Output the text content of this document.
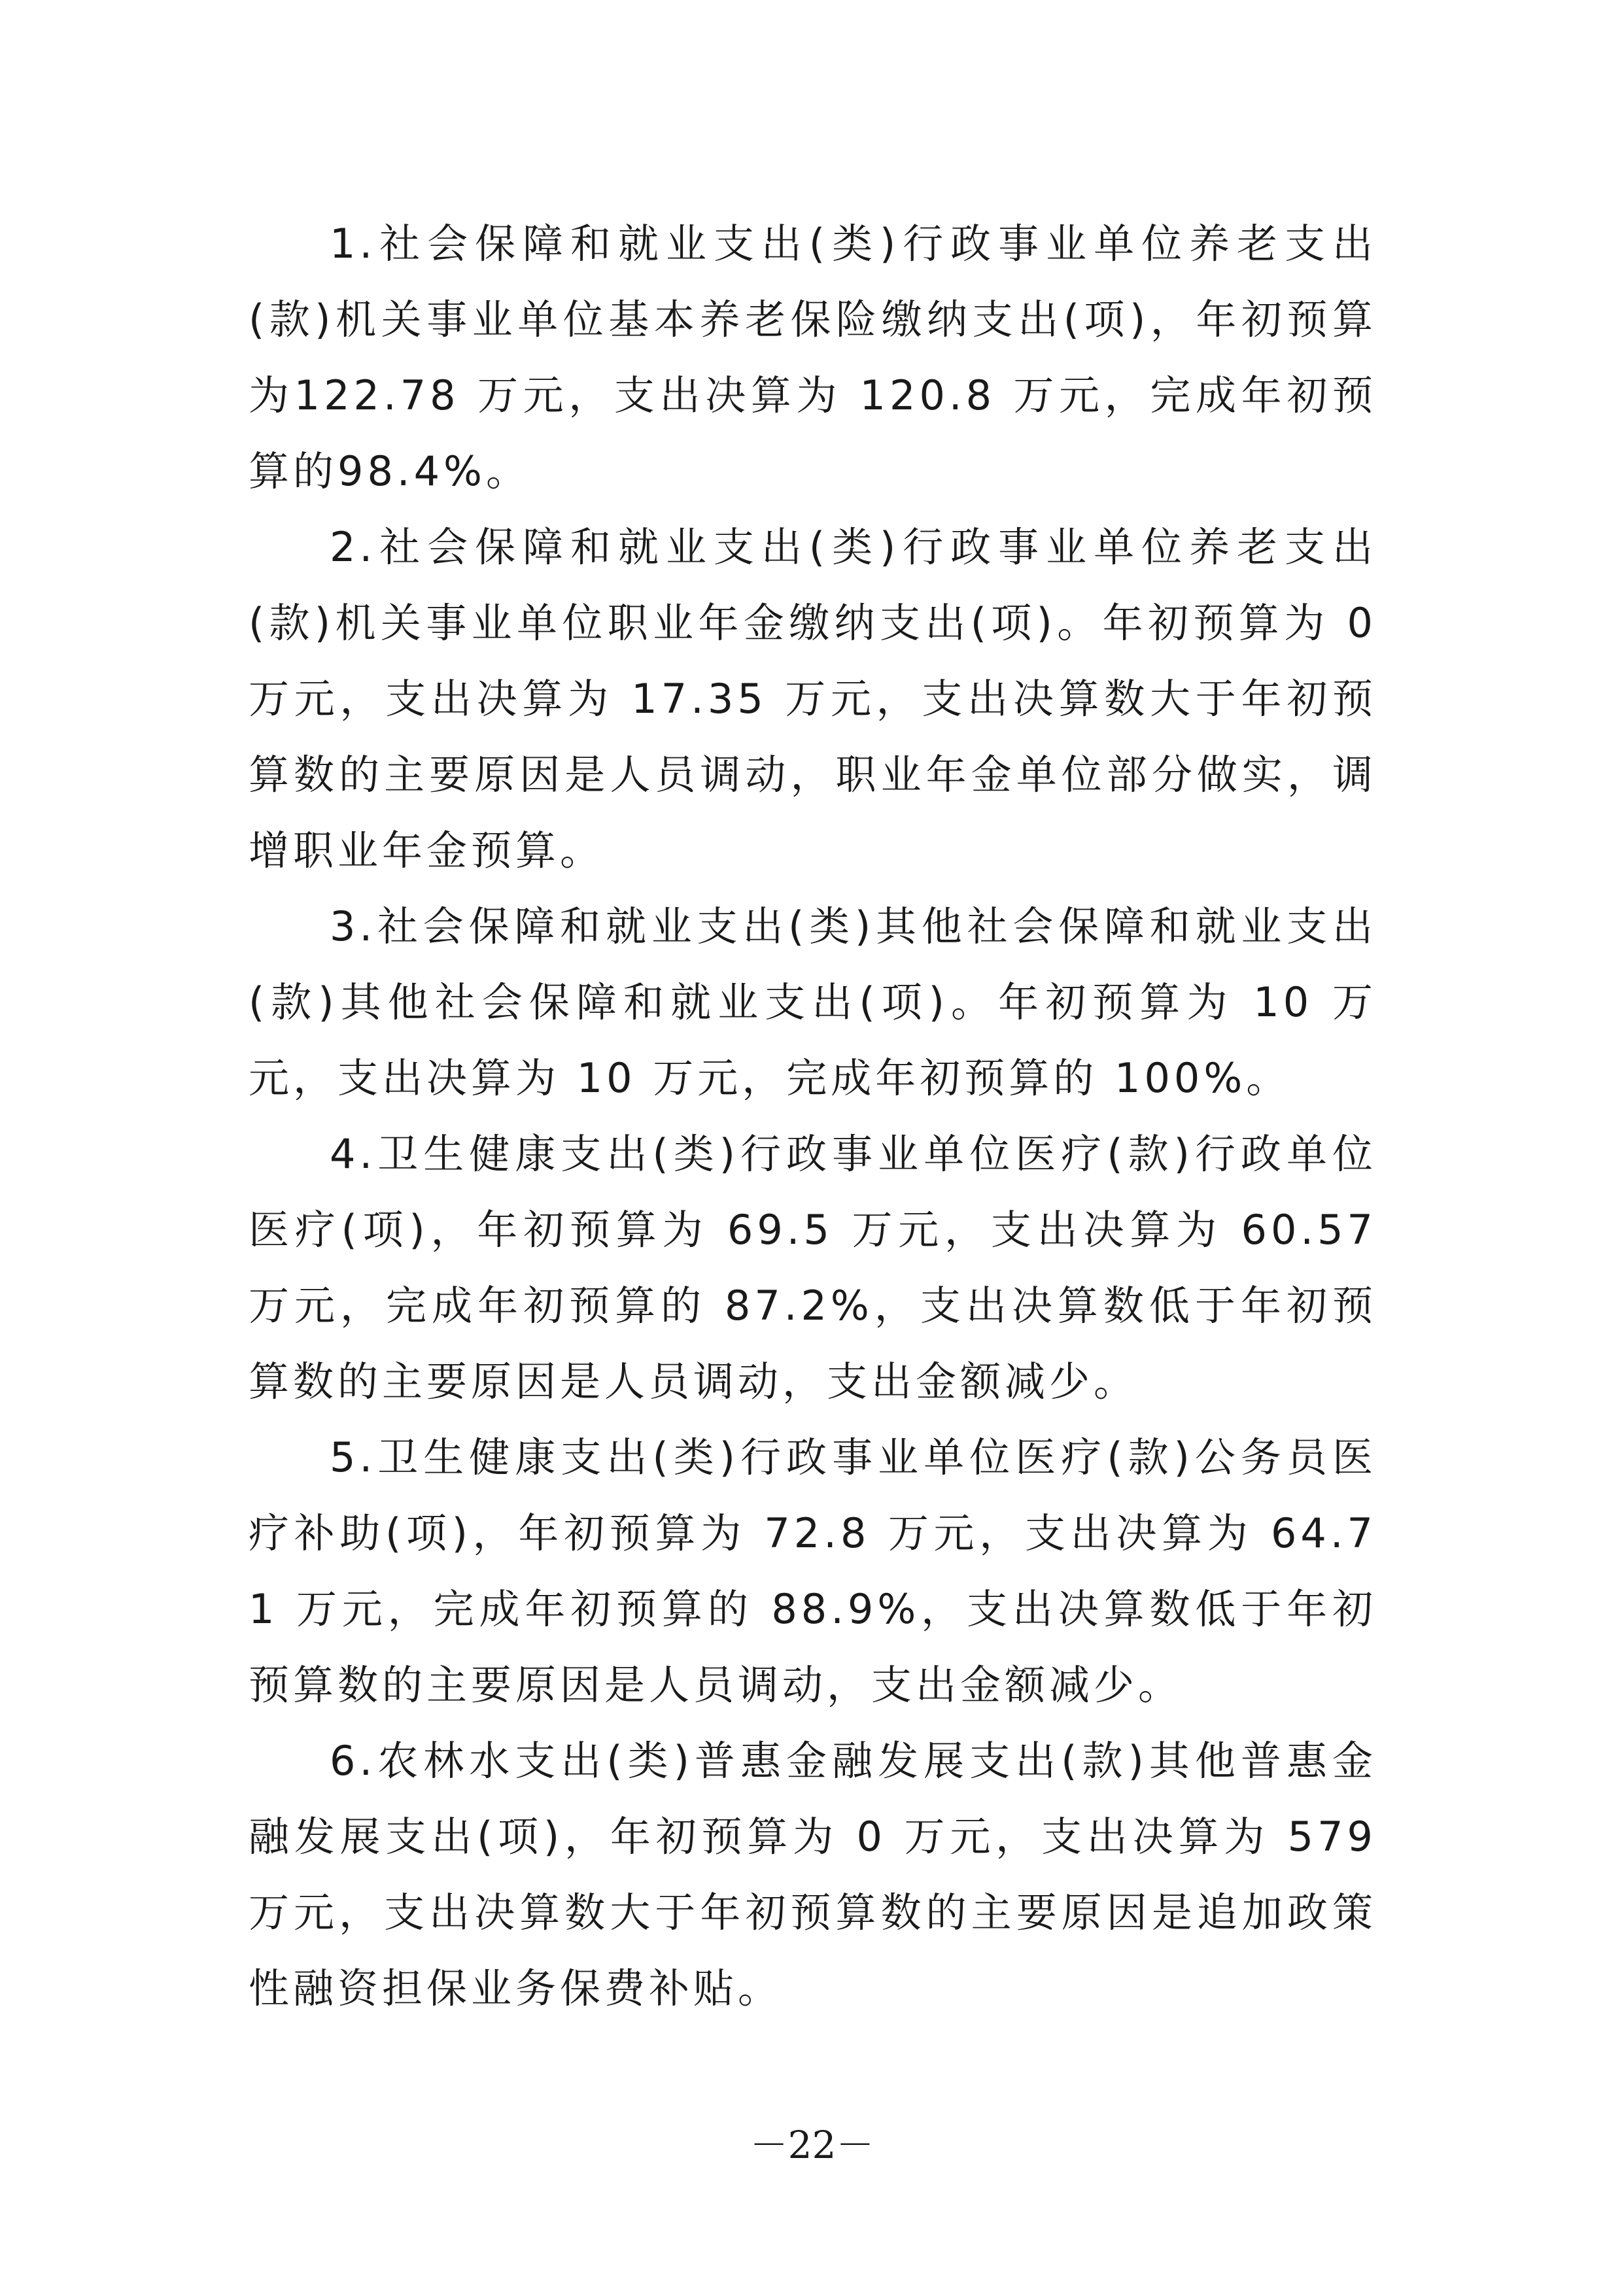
1.社会保障和就业支出(类)行政事业单位养老支出(款)机关事业单位基本养老保险缴纳支出(项)，年初预算为122.78 万元，支出决算为 120.8 万元，完成年初预算的98.4%。

2.社会保障和就业支出(类)行政事业单位养老支出(款)机关事业单位职业年金缴纳支出(项)。年初预算为 0 万元，支出决算为 17.35 万元，支出决算数大于年初预算数的主要原因是人员调动，职业年金单位部分做实，调增职业年金预算。

3.社会保障和就业支出(类)其他社会保障和就业支出(款)其他社会保障和就业支出(项)。年初预算为 10 万元，支出决算为 10 万元，完成年初预算的 100%。

4.卫生健康支出(类)行政事业单位医疗(款)行政单位医疗(项)，年初预算为 69.5 万元，支出决算为 60.57 万元，完成年初预算的 87.2%，支出决算数低于年初预算数的主要原因是人员调动，支出金额减少。

5.卫生健康支出(类)行政事业单位医疗(款)公务员医疗补助(项)，年初预算为 72.8 万元，支出决算为 64.71 万元，完成年初预算的 88.9%，支出决算数低于年初预算数的主要原因是人员调动，支出金额减少。

6.农林水支出(类)普惠金融发展支出(款)其他普惠金融发展支出(项)，年初预算为 0 万元，支出决算为 579 万元，支出决算数大于年初预算数的主要原因是追加政策性融资担保业务保费补贴。

－22－
